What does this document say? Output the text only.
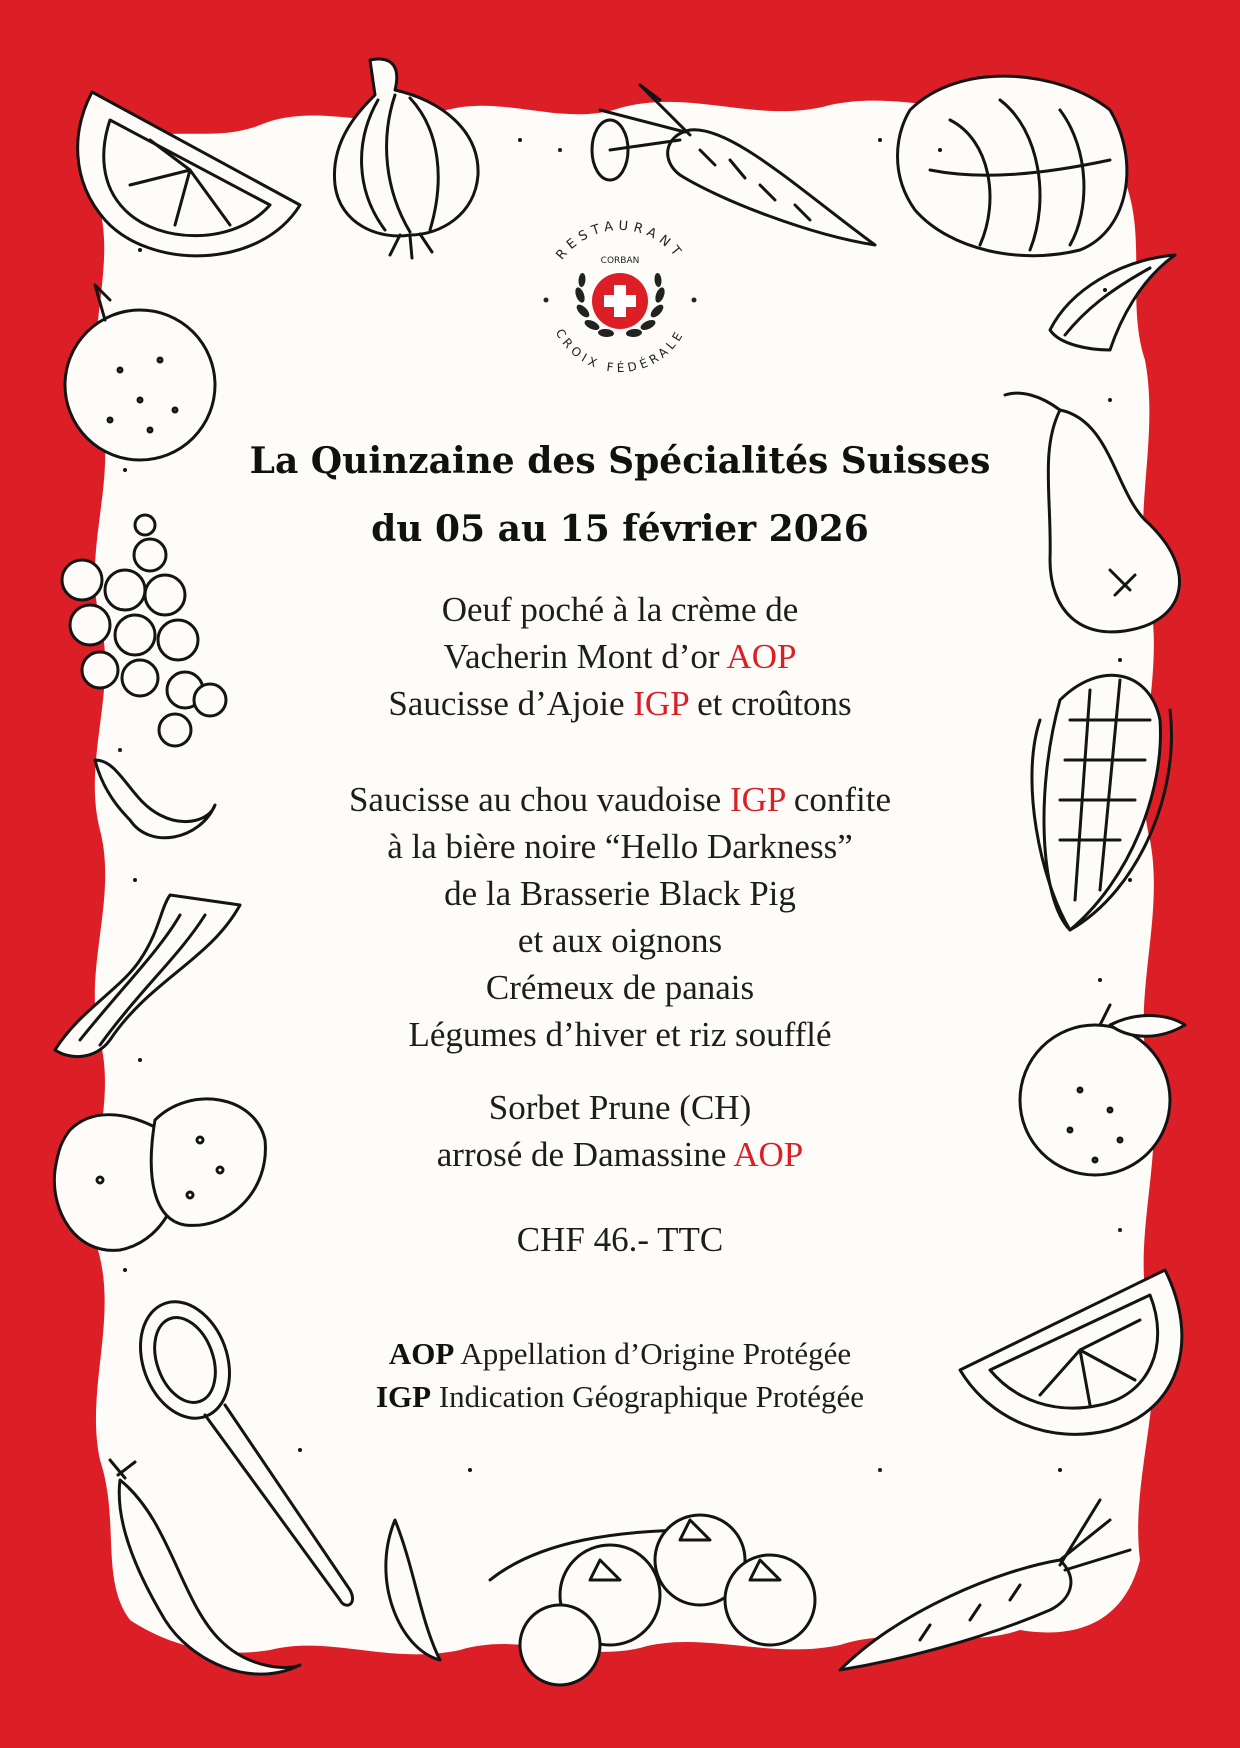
RESTAURANT
CROIX FÉDÉRALE
CORBAN
La Quinzaine des Spécialités Suisses
du 05 au 15 février 2026
Oeuf poché à la crème de
Vacherin Mont d’or AOP
Saucisse d’Ajoie IGP et croûtons
Saucisse au chou vaudoise IGP confite
à la bière noire “Hello Darkness”
de la Brasserie Black Pig
et aux oignons
Crémeux de panais
Légumes d’hiver et riz soufflé
Sorbet Prune (CH)
arrosé de Damassine AOP
CHF 46.- TTC
AOP Appellation d’Origine Protégée
IGP Indication Géographique Protégée
